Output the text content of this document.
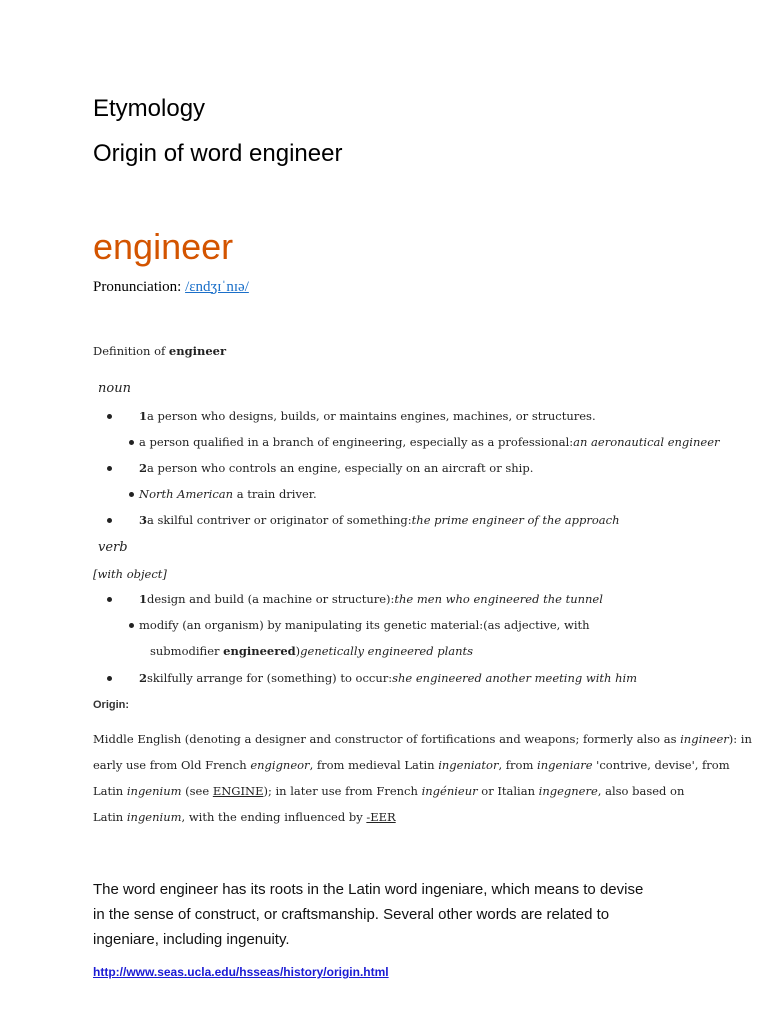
Etymology
Origin of word engineer
engineer
Pronunciation: /ɛndʒɪˈnɪə/
Definition of engineer
noun
1a person who designs, builds, or maintains engines, machines, or structures.
a person qualified in a branch of engineering, especially as a professional:an aeronautical engineer
2a person who controls an engine, especially on an aircraft or ship.
North American a train driver.
3a skilful contriver or originator of something:the prime engineer of the approach
verb
[with object]
1design and build (a machine or structure):the men who engineered the tunnel
modify (an organism) by manipulating its genetic material:(as adjective, with
submodifier engineered)genetically engineered plants
2skilfully arrange for (something) to occur:she engineered another meeting with him
Origin:
Middle English (denoting a designer and constructor of fortifications and weapons; formerly also as ingineer): in
early use from Old French engigneor, from medieval Latin ingeniator, from ingeniare 'contrive, devise', from
Latin ingenium (see ENGINE); in later use from French ingénieur or Italian ingegnere, also based on
Latin ingenium, with the ending influenced by -EER
The word engineer has its roots in the Latin word ingeniare, which means to devise in the sense of construct, or craftsmanship. Several other words are related to ingeniare, including ingenuity.
http://www.seas.ucla.edu/hsseas/history/origin.html
